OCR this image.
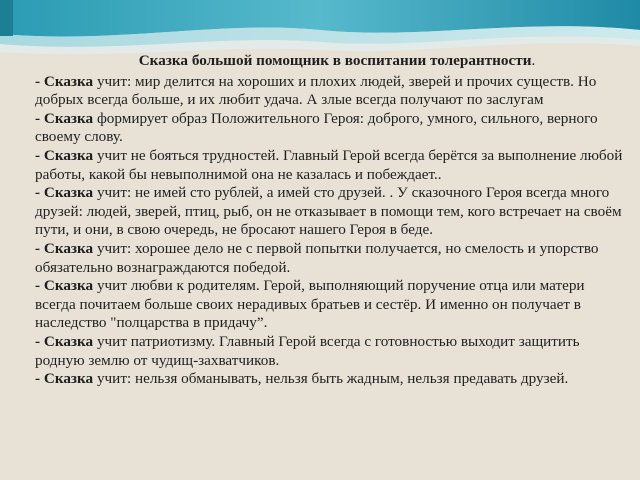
Сказка большой помощник в воспитании толерантности.

- Сказка учит: мир делится на хороших и плохих людей, зверей и прочих существ. Но добрых всегда больше, и их любит удача. А злые всегда получают по заслугам

- Сказка формирует образ Положительного Героя: доброго, умного, сильного, верного своему слову.

- Сказка учит не бояться трудностей. Главный Герой всегда берётся за выполнение любой работы, какой бы невыполнимой она не казалась и побеждает..

- Сказка учит: не имей сто рублей, а имей сто друзей. . У сказочного Героя всегда много друзей: людей, зверей, птиц, рыб, он не отказывает в помощи тем, кого встречает на своём пути, и они, в свою очередь, не бросают нашего Героя в беде.

- Сказка учит: хорошее дело не с первой попытки получается, но смелость и упорство обязательно вознаграждаются победой.

- Сказка учит любви к родителям. Герой, выполняющий поручение отца или матери всегда почитаем больше своих нерадивых братьев и сестёр. И именно он получает в наследство "полцарства в придачу”.

- Сказка учит патриотизму. Главный Герой всегда с готовностью выходит защитить родную землю от чудищ-захватчиков.

- Сказка учит: нельзя обманывать, нельзя быть жадным, нельзя предавать друзей.
